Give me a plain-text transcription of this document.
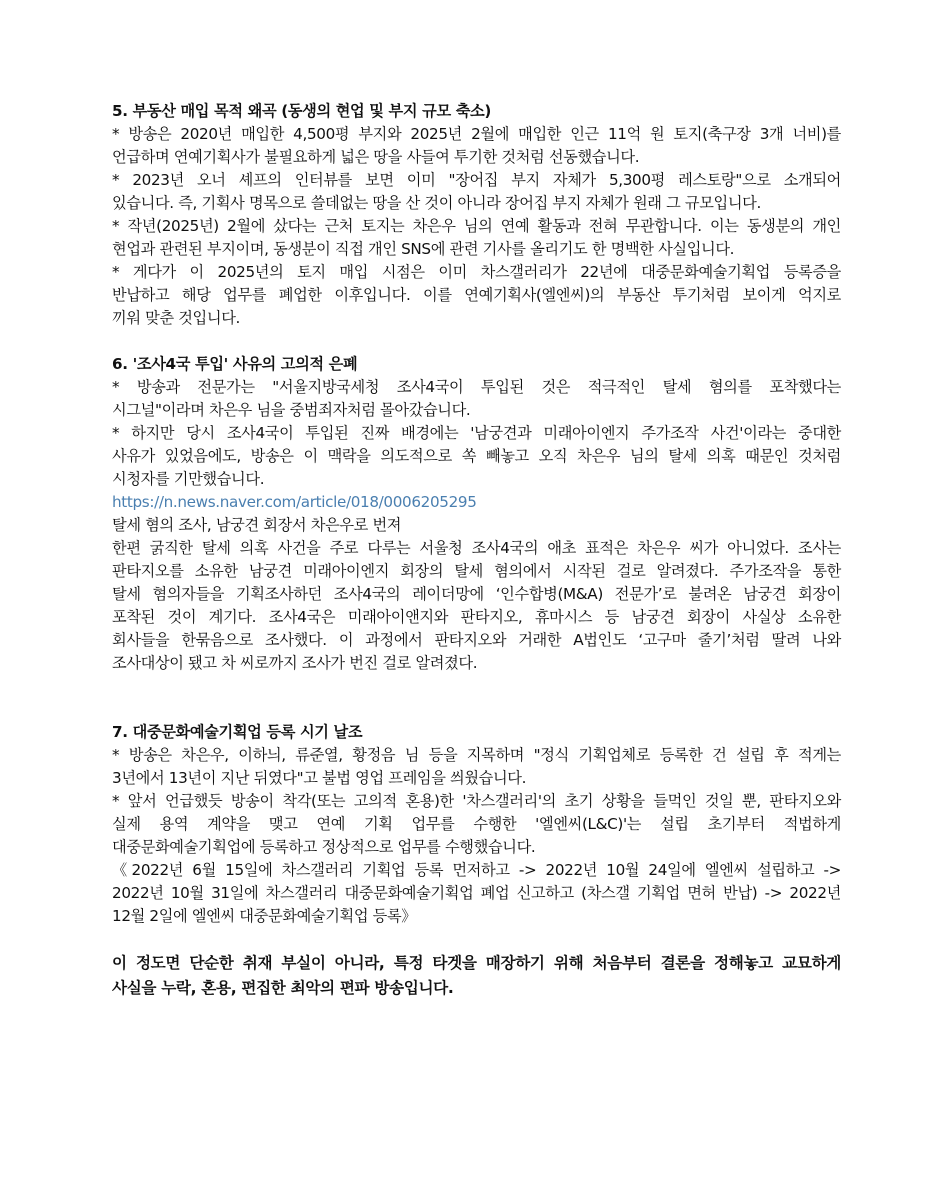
5. 부동산 매입 목적 왜곡 (동생의 현업 및 부지 규모 축소)
* 방송은 2020년 매입한 4,500평 부지와 2025년 2월에 매입한 인근 11억 원 토지(축구장 3개 너비)를
언급하며 연예기획사가 불필요하게 넓은 땅을 사들여 투기한 것처럼 선동했습니다.
* 2023년 오너 셰프의 인터뷰를 보면 이미 "장어집 부지 자체가 5,300평 레스토랑"으로 소개되어
있습니다. 즉, 기획사 명목으로 쓸데없는 땅을 산 것이 아니라 장어집 부지 자체가 원래 그 규모입니다.
* 작년(2025년) 2월에 샀다는 근처 토지는 차은우 님의 연예 활동과 전혀 무관합니다. 이는 동생분의 개인
현업과 관련된 부지이며, 동생분이 직접 개인 SNS에 관련 기사를 올리기도 한 명백한 사실입니다.
* 게다가 이 2025년의 토지 매입 시점은 이미 차스갤러리가 22년에 대중문화예술기획업 등록증을
반납하고 해당 업무를 폐업한 이후입니다. 이를 연예기획사(엘엔씨)의 부동산 투기처럼 보이게 억지로
끼워 맞춘 것입니다.
6. '조사4국 투입' 사유의 고의적 은폐
* 방송과 전문가는 "서울지방국세청 조사4국이 투입된 것은 적극적인 탈세 혐의를 포착했다는
시그널"이라며 차은우 님을 중범죄자처럼 몰아갔습니다.
* 하지만 당시 조사4국이 투입된 진짜 배경에는 '남궁견과 미래아이엔지 주가조작 사건'이라는 중대한
사유가 있었음에도, 방송은 이 맥락을 의도적으로 쏙 빼놓고 오직 차은우 님의 탈세 의혹 때문인 것처럼
시청자를 기만했습니다.
https://n.news.naver.com/article/018/0006205295
탈세 혐의 조사, 남궁견 회장서 차은우로 번져
한편 굵직한 탈세 의혹 사건을 주로 다루는 서울청 조사4국의 애초 표적은 차은우 씨가 아니었다. 조사는
판타지오를 소유한 남궁견 미래아이엔지 회장의 탈세 혐의에서 시작된 걸로 알려졌다. 주가조작을 통한
탈세 혐의자들을 기획조사하던 조사4국의 레이더망에 ‘인수합병(M&A) 전문가’로 불려온 남궁견 회장이
포착된 것이 계기다. 조사4국은 미래아이앤지와 판타지오, 휴마시스 등 남궁견 회장이 사실상 소유한
회사들을 한묶음으로 조사했다. 이 과정에서 판타지오와 거래한 A법인도 ‘고구마 줄기’처럼 딸려 나와
조사대상이 됐고 차 씨로까지 조사가 번진 걸로 알려졌다.
7. 대중문화예술기획업 등록 시기 날조
* 방송은 차은우, 이하늬, 류준열, 황정음 님 등을 지목하며 "정식 기획업체로 등록한 건 설립 후 적게는
3년에서 13년이 지난 뒤였다"고 불법 영업 프레임을 씌웠습니다.
* 앞서 언급했듯 방송이 착각(또는 고의적 혼용)한 '차스갤러리'의 초기 상황을 들먹인 것일 뿐, 판타지오와
실제 용역 계약을 맺고 연예 기획 업무를 수행한 '엘엔씨(L&C)'는 설립 초기부터 적법하게
대중문화예술기획업에 등록하고 정상적으로 업무를 수행했습니다.
《2022년 6월 15일에 차스갤러리 기획업 등록 먼저하고 -> 2022년 10월 24일에 엘엔씨 설립하고 ->
2022년 10월 31일에 차스갤러리 대중문화예술기획업 폐업 신고하고 (차스갤 기획업 면허 반납) -> 2022년
12월 2일에 엘엔씨 대중문화예술기획업 등록》
이 정도면 단순한 취재 부실이 아니라, 특정 타겟을 매장하기 위해 처음부터 결론을 정해놓고 교묘하게
사실을 누락, 혼용, 편집한 최악의 편파 방송입니다.
